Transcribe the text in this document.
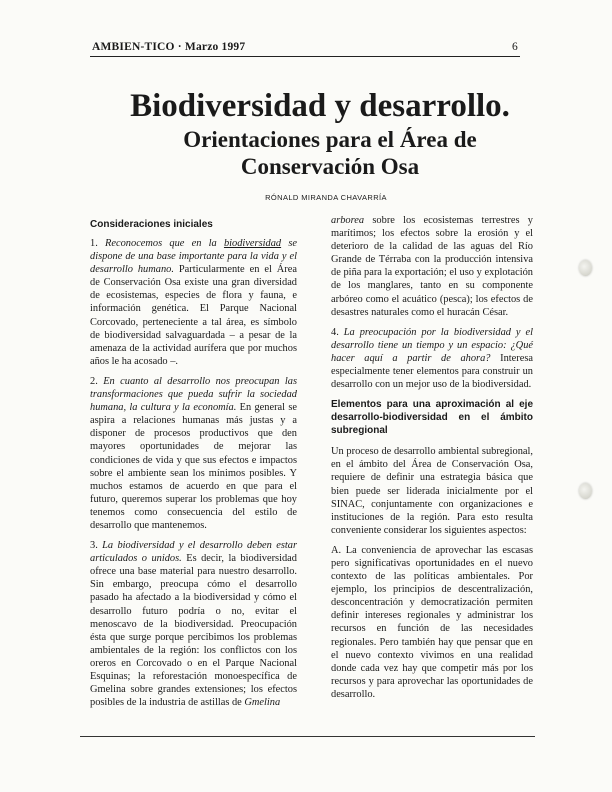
AMBIEN-TICO · Marzo 1997	6
Biodiversidad y desarrollo.
Orientaciones para el Área de Conservación Osa
RÓNALD MIRANDA CHAVARRÍA
Consideraciones iniciales

1. Reconocemos que en la biodiversidad se dispone de una base importante para la vida y el desarrollo humano. Particularmente en el Área de Conservación Osa existe una gran diversidad de ecosistemas, especies de flora y fauna, e información genética. El Parque Nacional Corcovado, perteneciente a tal área, es símbolo de biodiversidad salvaguardada – a pesar de la amenaza de la actividad aurífera que por muchos años le ha acosado –.

2. En cuanto al desarrollo nos preocupan las transformaciones que pueda sufrir la sociedad humana, la cultura y la economía. En general se aspira a relaciones humanas más justas y a disponer de procesos productivos que den mayores oportunidades de mejorar las condiciones de vida y que sus efectos e impactos sobre el ambiente sean los mínimos posibles. Y muchos estamos de acuerdo en que para el futuro, queremos superar los problemas que hoy tenemos como consecuencia del estilo de desarrollo que mantenemos.

3. La biodiversidad y el desarrollo deben estar articulados o unidos. Es decir, la biodiversidad ofrece una base material para nuestro desarrollo. Sin embargo, preocupa cómo el desarrollo pasado ha afectado a la biodiversidad y cómo el desarrollo futuro podría o no, evitar el menoscavo de la biodiversidad. Preocupación ésta que surge porque percibimos los problemas ambientales de la región: los conflictos con los oreros en Corcovado o en el Parque Nacional Esquinas; la reforestación monoespecífica de Gmelina sobre grandes extensiones; los efectos posibles de la industria de astillas de Gmelina

arborea sobre los ecosistemas terrestres y marítimos; los efectos sobre la erosión y el deterioro de la calidad de las aguas del Río Grande de Térraba con la producción intensiva de piña para la exportación; el uso y explotación de los manglares, tanto en su componente arbóreo como el acuático (pesca); los efectos de desastres naturales como el huracán César.

4. La preocupación por la biodiversidad y el desarrollo tiene un tiempo y un espacio: ¿Qué hacer aquí a partir de ahora? Interesa especialmente tener elementos para construir un desarrollo con un mejor uso de la biodiversidad.

Elementos para una aproximación al eje desarrollo-biodiversidad en el ámbito subregional

Un proceso de desarrollo ambiental subregional, en el ámbito del Área de Conservación Osa, requiere de definir una estrategia básica que bien puede ser liderada inicialmente por el SINAC, conjuntamente con organizaciones e instituciones de la región. Para esto resulta conveniente considerar los siguientes aspectos:

A. La conveniencia de aprovechar las escasas pero significativas oportunidades en el nuevo contexto de las políticas ambientales. Por ejemplo, los principios de descentralización, desconcentración y democratización permiten definir intereses regionales y administrar los recursos en función de las necesidades regionales. Pero también hay que pensar que en el nuevo contexto vivimos en una realidad donde cada vez hay que competir más por los recursos y para aprovechar las oportunidades de desarrollo.
